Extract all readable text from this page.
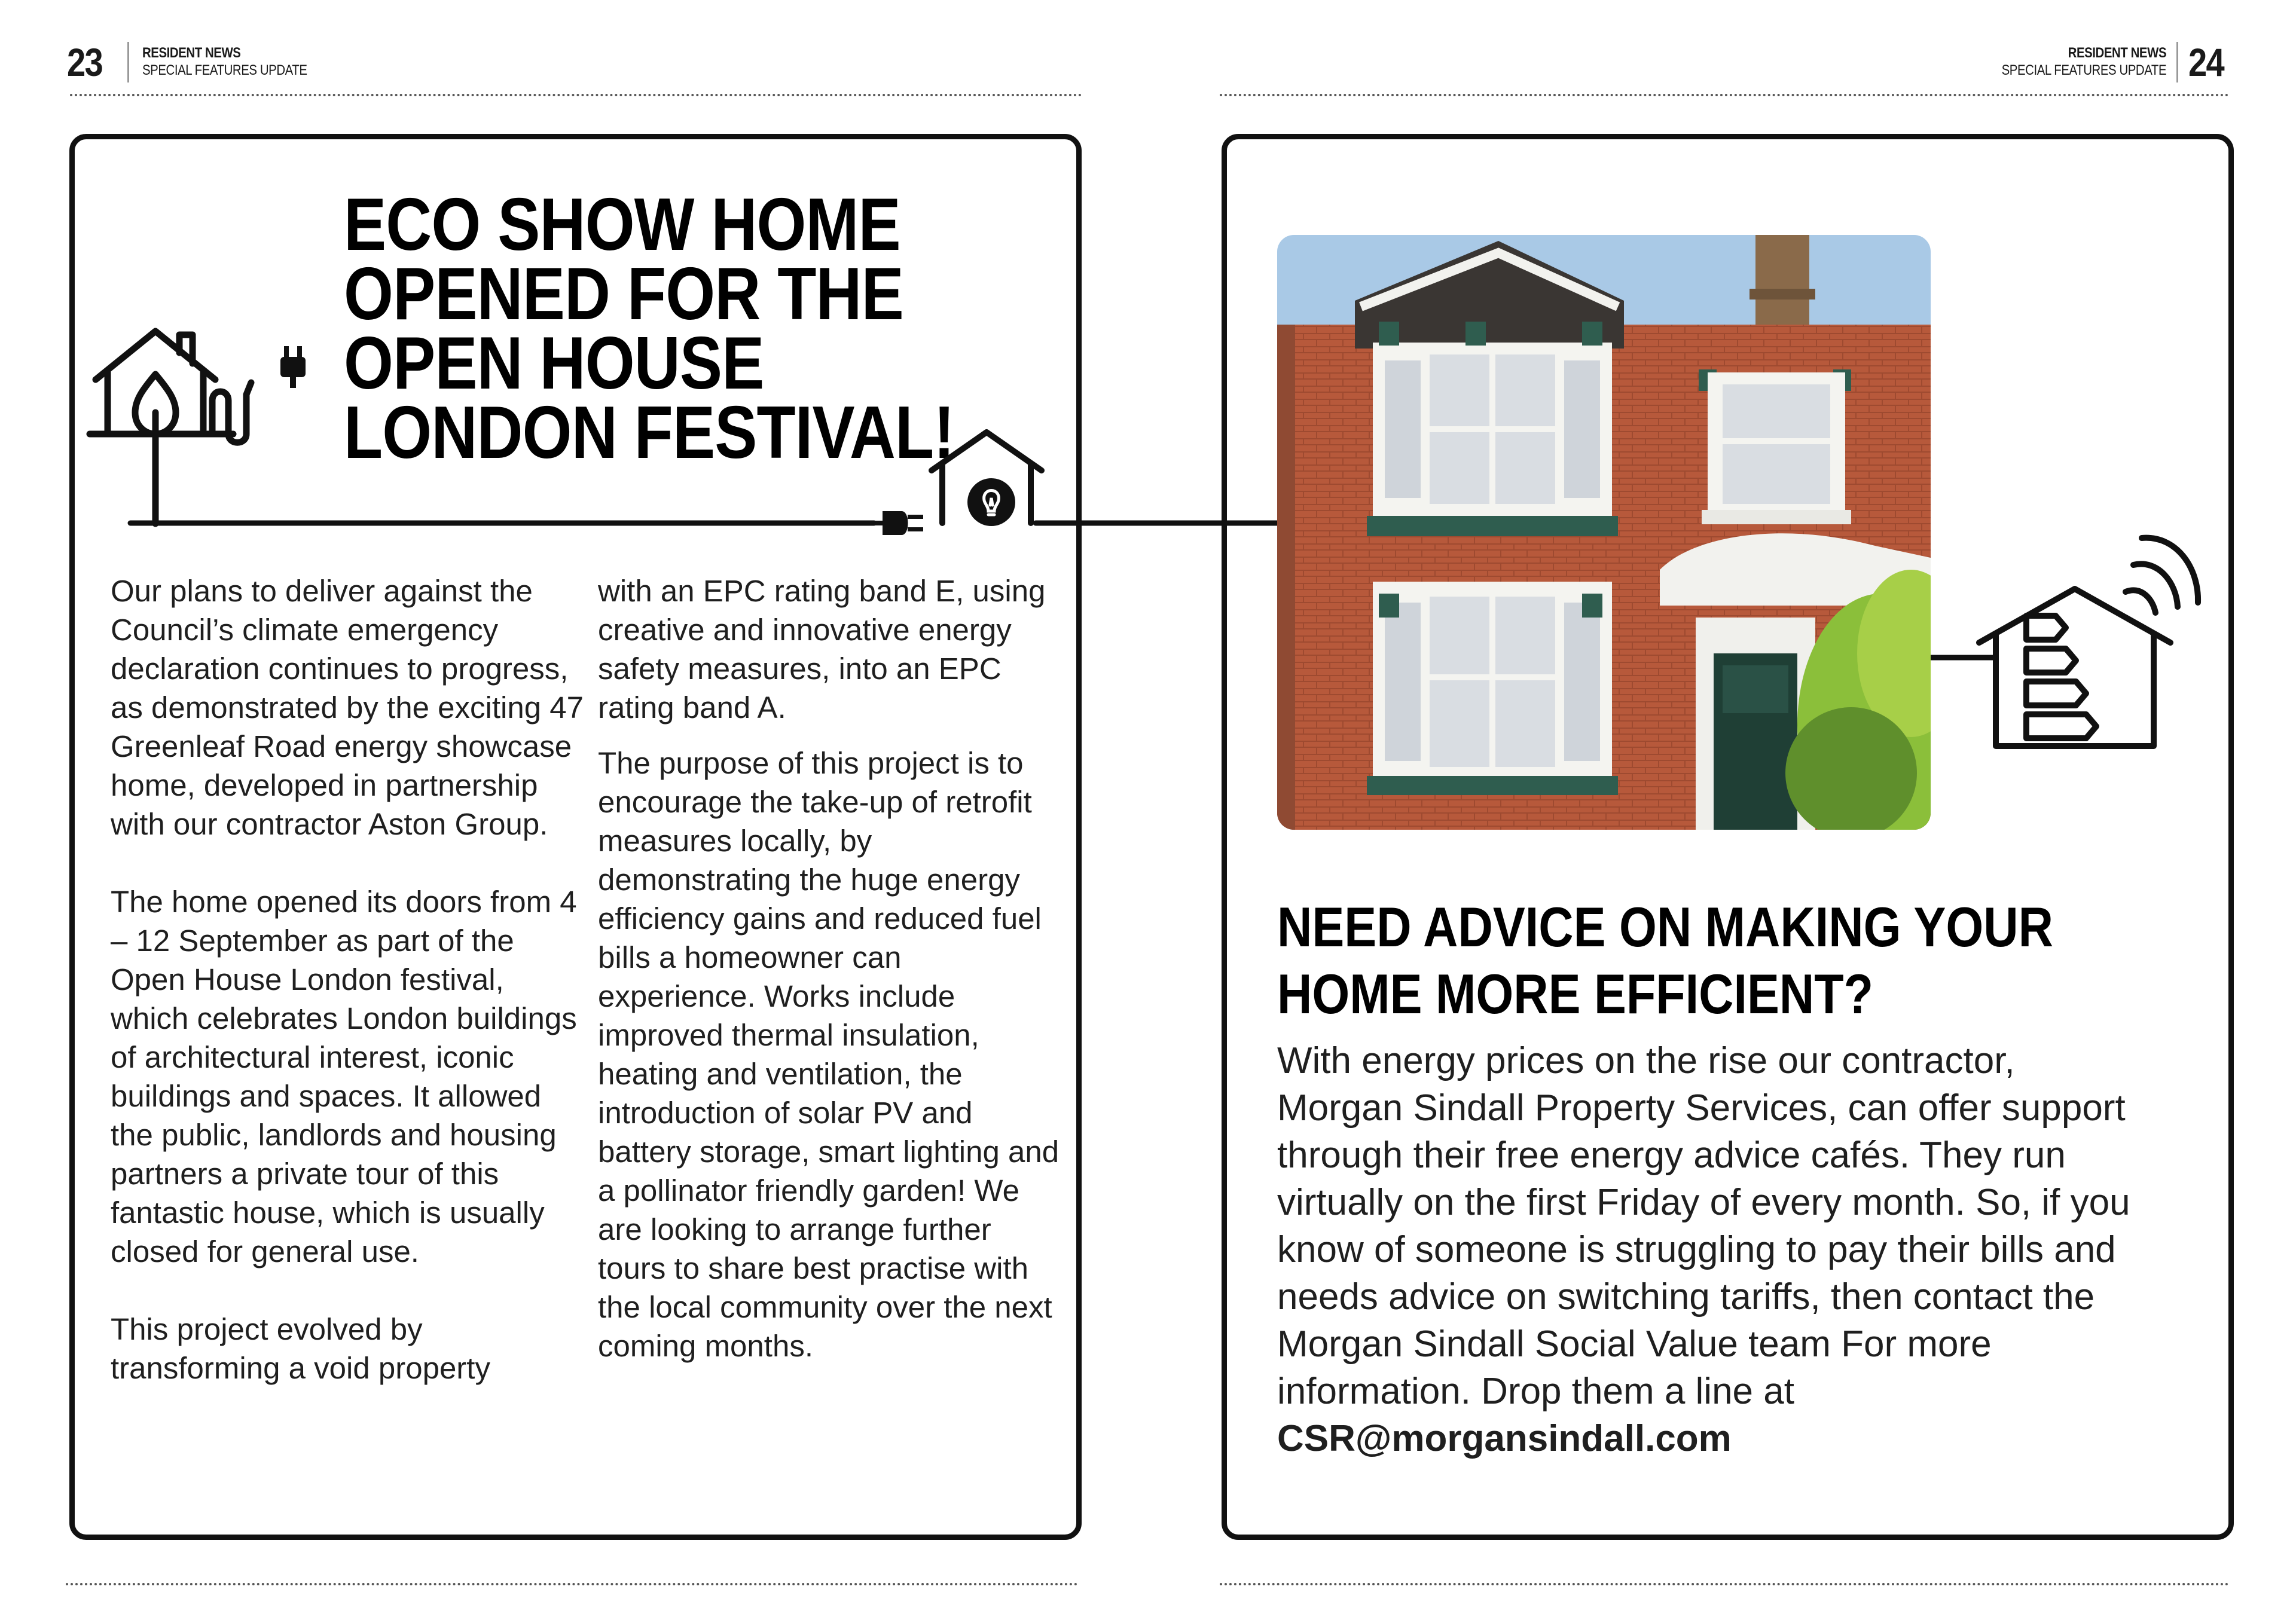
23	RESIDENT NEWS
SPECIAL FEATURES UPDATE
RESIDENT NEWS
SPECIAL FEATURES UPDATE 24
ECO SHOW HOME
OPENED FOR THE
OPEN HOUSE
LONDON FESTIVAL!

Our plans to deliver against the Council’s climate emergency declaration continues to progress, as demonstrated by the exciting 47 Greenleaf Road energy showcase home, developed in partnership with our contractor Aston Group.

The home opened its doors from 4 – 12 September as part of the Open House London festival, which celebrates London buildings of architectural interest, iconic buildings and spaces. It allowed the public, landlords and housing partners a private tour of this fantastic house, which is usually closed for general use.

This project evolved by transforming a void property

with an EPC rating band E, using creative and innovative energy safety measures, into an EPC rating band A.

The purpose of this project is to encourage the take-up of retrofit measures locally, by demonstrating the huge energy efficiency gains and reduced fuel bills a homeowner can experience. Works include improved thermal insulation, heating and ventilation, the introduction of solar PV and battery storage, smart lighting and a pollinator friendly garden! We are looking to arrange further tours to share best practise with the local community over the next coming months.

NEED ADVICE ON MAKING YOUR
HOME MORE EFFICIENT?
With energy prices on the rise our contractor, Morgan Sindall Property Services, can offer support through their free energy advice cafés. They run virtually on the first Friday of every month. So, if you know of someone is struggling to pay their bills and needs advice on switching tariffs, then contact the Morgan Sindall Social Value team For more information. Drop them a line at CSR@morgansindall.com
